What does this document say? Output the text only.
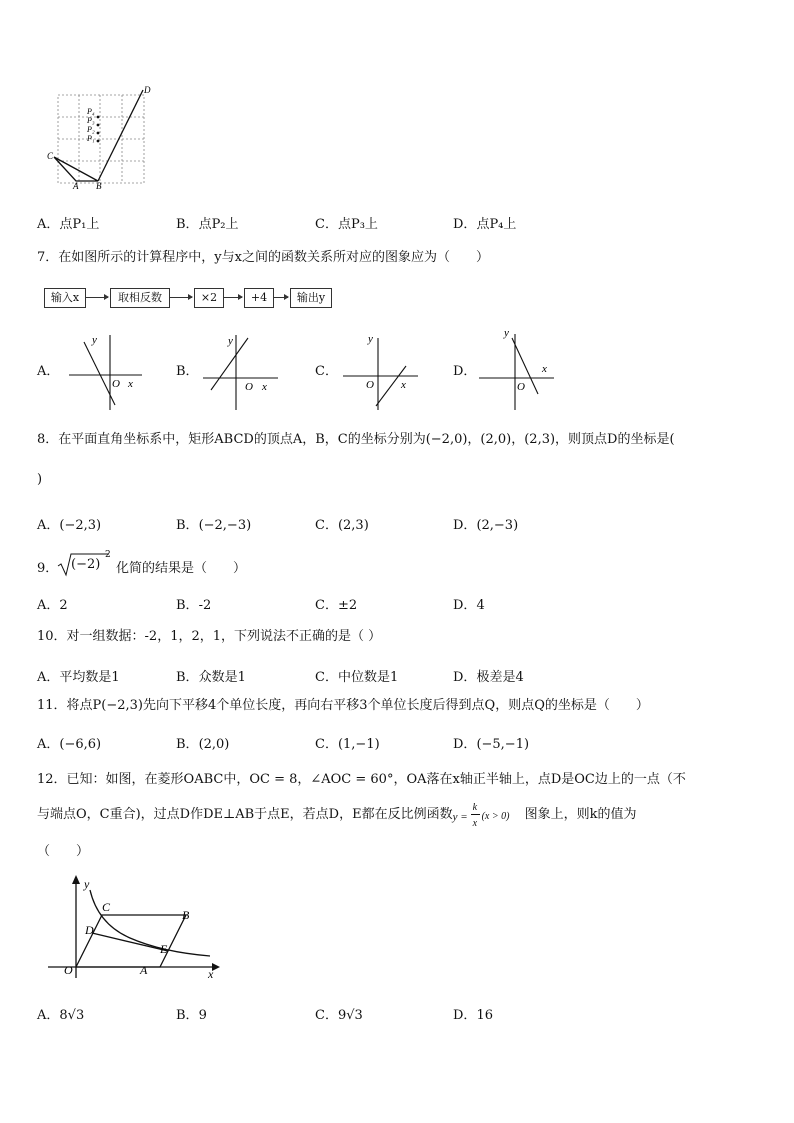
D
P₄
P₃
P₂
P₁
C
A B
A．点P₁上	B．点P₂上	C．点P₃上	D．点P₄上
7．在如图所示的计算程序中，y与x之间的函数关系所对应的图象应为（　　）
输入x	取相反数	×2	+4	输出y
A．	B．	C．	D．
y
O x
y
O x
y
O x
y
O
x
8．在平面直角坐标系中，矩形ABCD的顶点A，B，C的坐标分别为(−2,0)，(2,0)，(2,3)，则顶点D的坐标是(
)
A．(−2,3)	B．(−2,−3)	C．(2,3)	D．(2,−3)
9． (−2)
2
化简的结果是（　　）
A．2	B．-2	C．±2	D．4
10．对一组数据：-2，1，2，1，下列说法不正确的是（ ）
A．平均数是1	B．众数是1	C．中位数是1	D．极差是4
11．将点P(−2,3)先向下平移4个单位长度，再向右平移3个单位长度后得到点Q，则点Q的坐标是（　　）
A．(−6,6)	B．(2,0)	C．(1,−1)	D．(−5,−1)
12．已知：如图，在菱形OABC中，OC = 8，∠AOC = 60°，OA落在x轴正半轴上，点D是OC边上的一点（不
与端点O，C重合)，过点D作DE⊥AB于点E，若点D，E都在反比例函数 y =
k
x
(x > 0) 图象上，则k的值为
（　　）
y
x
C
B
D
E
O	A
A．8√3	B．9	C．9√3	D．16
